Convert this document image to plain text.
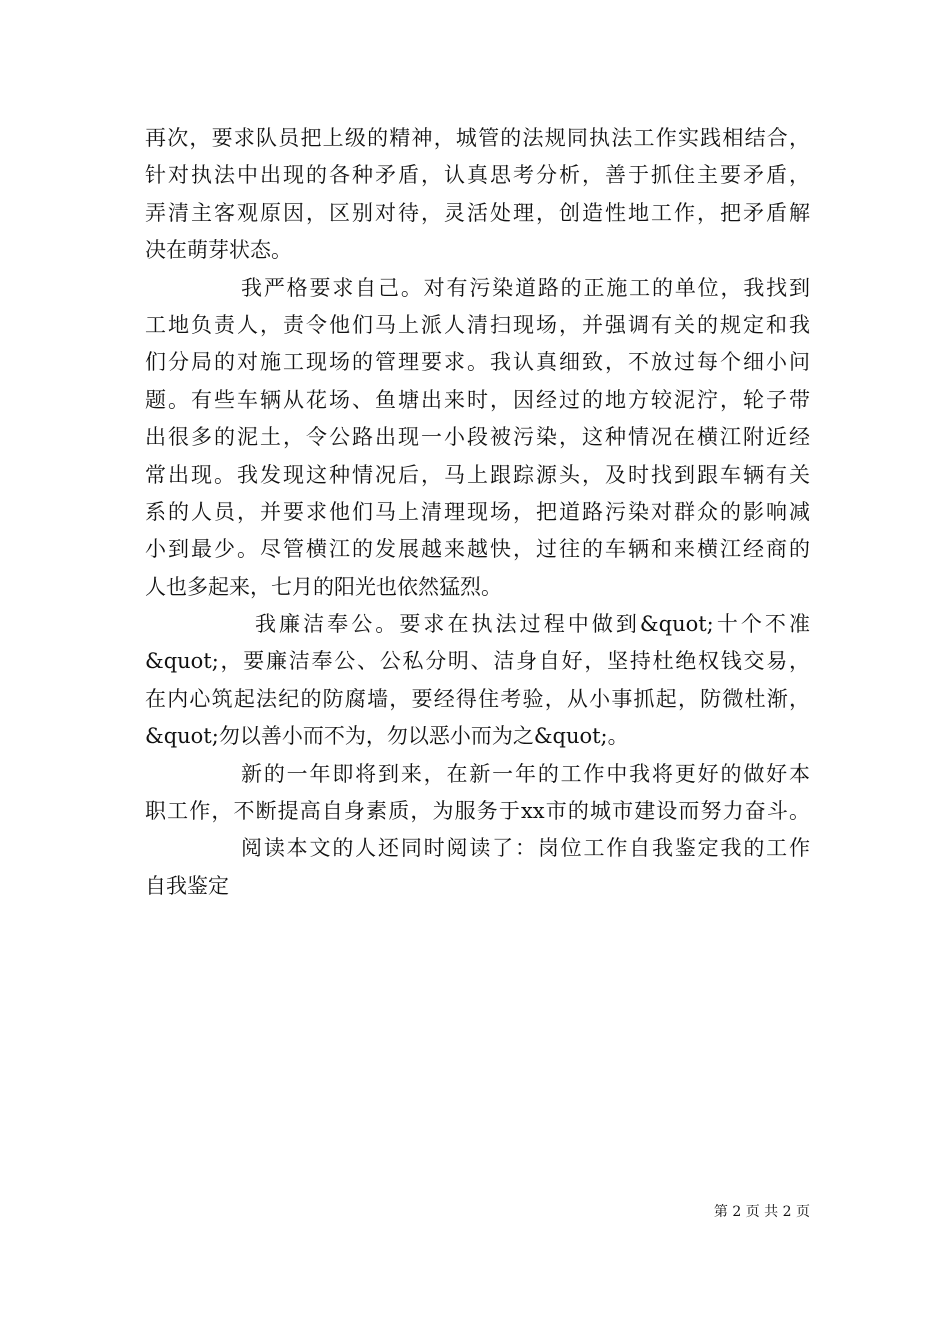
再次，要求队员把上级的精神，城管的法规同执法工作实践相结合，
针对执法中出现的各种矛盾，认真思考分析，善于抓住主要矛盾，
弄清主客观原因，区别对待，灵活处理，创造性地工作，把矛盾解
决在萌芽状态。
我严格要求自己。对有污染道路的正施工的单位，我找到
工地负责人，责令他们马上派人清扫现场，并强调有关的规定和我
们分局的对施工现场的管理要求。我认真细致，不放过每个细小问
题。有些车辆从花场、鱼塘出来时，因经过的地方较泥泞，轮子带
出很多的泥土，令公路出现一小段被污染，这种情况在横江附近经
常出现。我发现这种情况后，马上跟踪源头，及时找到跟车辆有关
系的人员，并要求他们马上清理现场，把道路污染对群众的影响减
小到最少。尽管横江的发展越来越快，过往的车辆和来横江经商的
人也多起来，七月的阳光也依然猛烈。
我廉洁奉公。要求在执法过程中做到&quot;十个不准
&quot;，要廉洁奉公、公私分明、洁身自好，坚持杜绝权钱交易，
在内心筑起法纪的防腐墙，要经得住考验，从小事抓起，防微杜渐，
&quot;勿以善小而不为，勿以恶小而为之&quot;。
新的一年即将到来，在新一年的工作中我将更好的做好本
职工作，不断提高自身素质，为服务于xx市的城市建设而努力奋斗。
阅读本文的人还同时阅读了：岗位工作自我鉴定我的工作
自我鉴定
第 2 页 共 2 页
